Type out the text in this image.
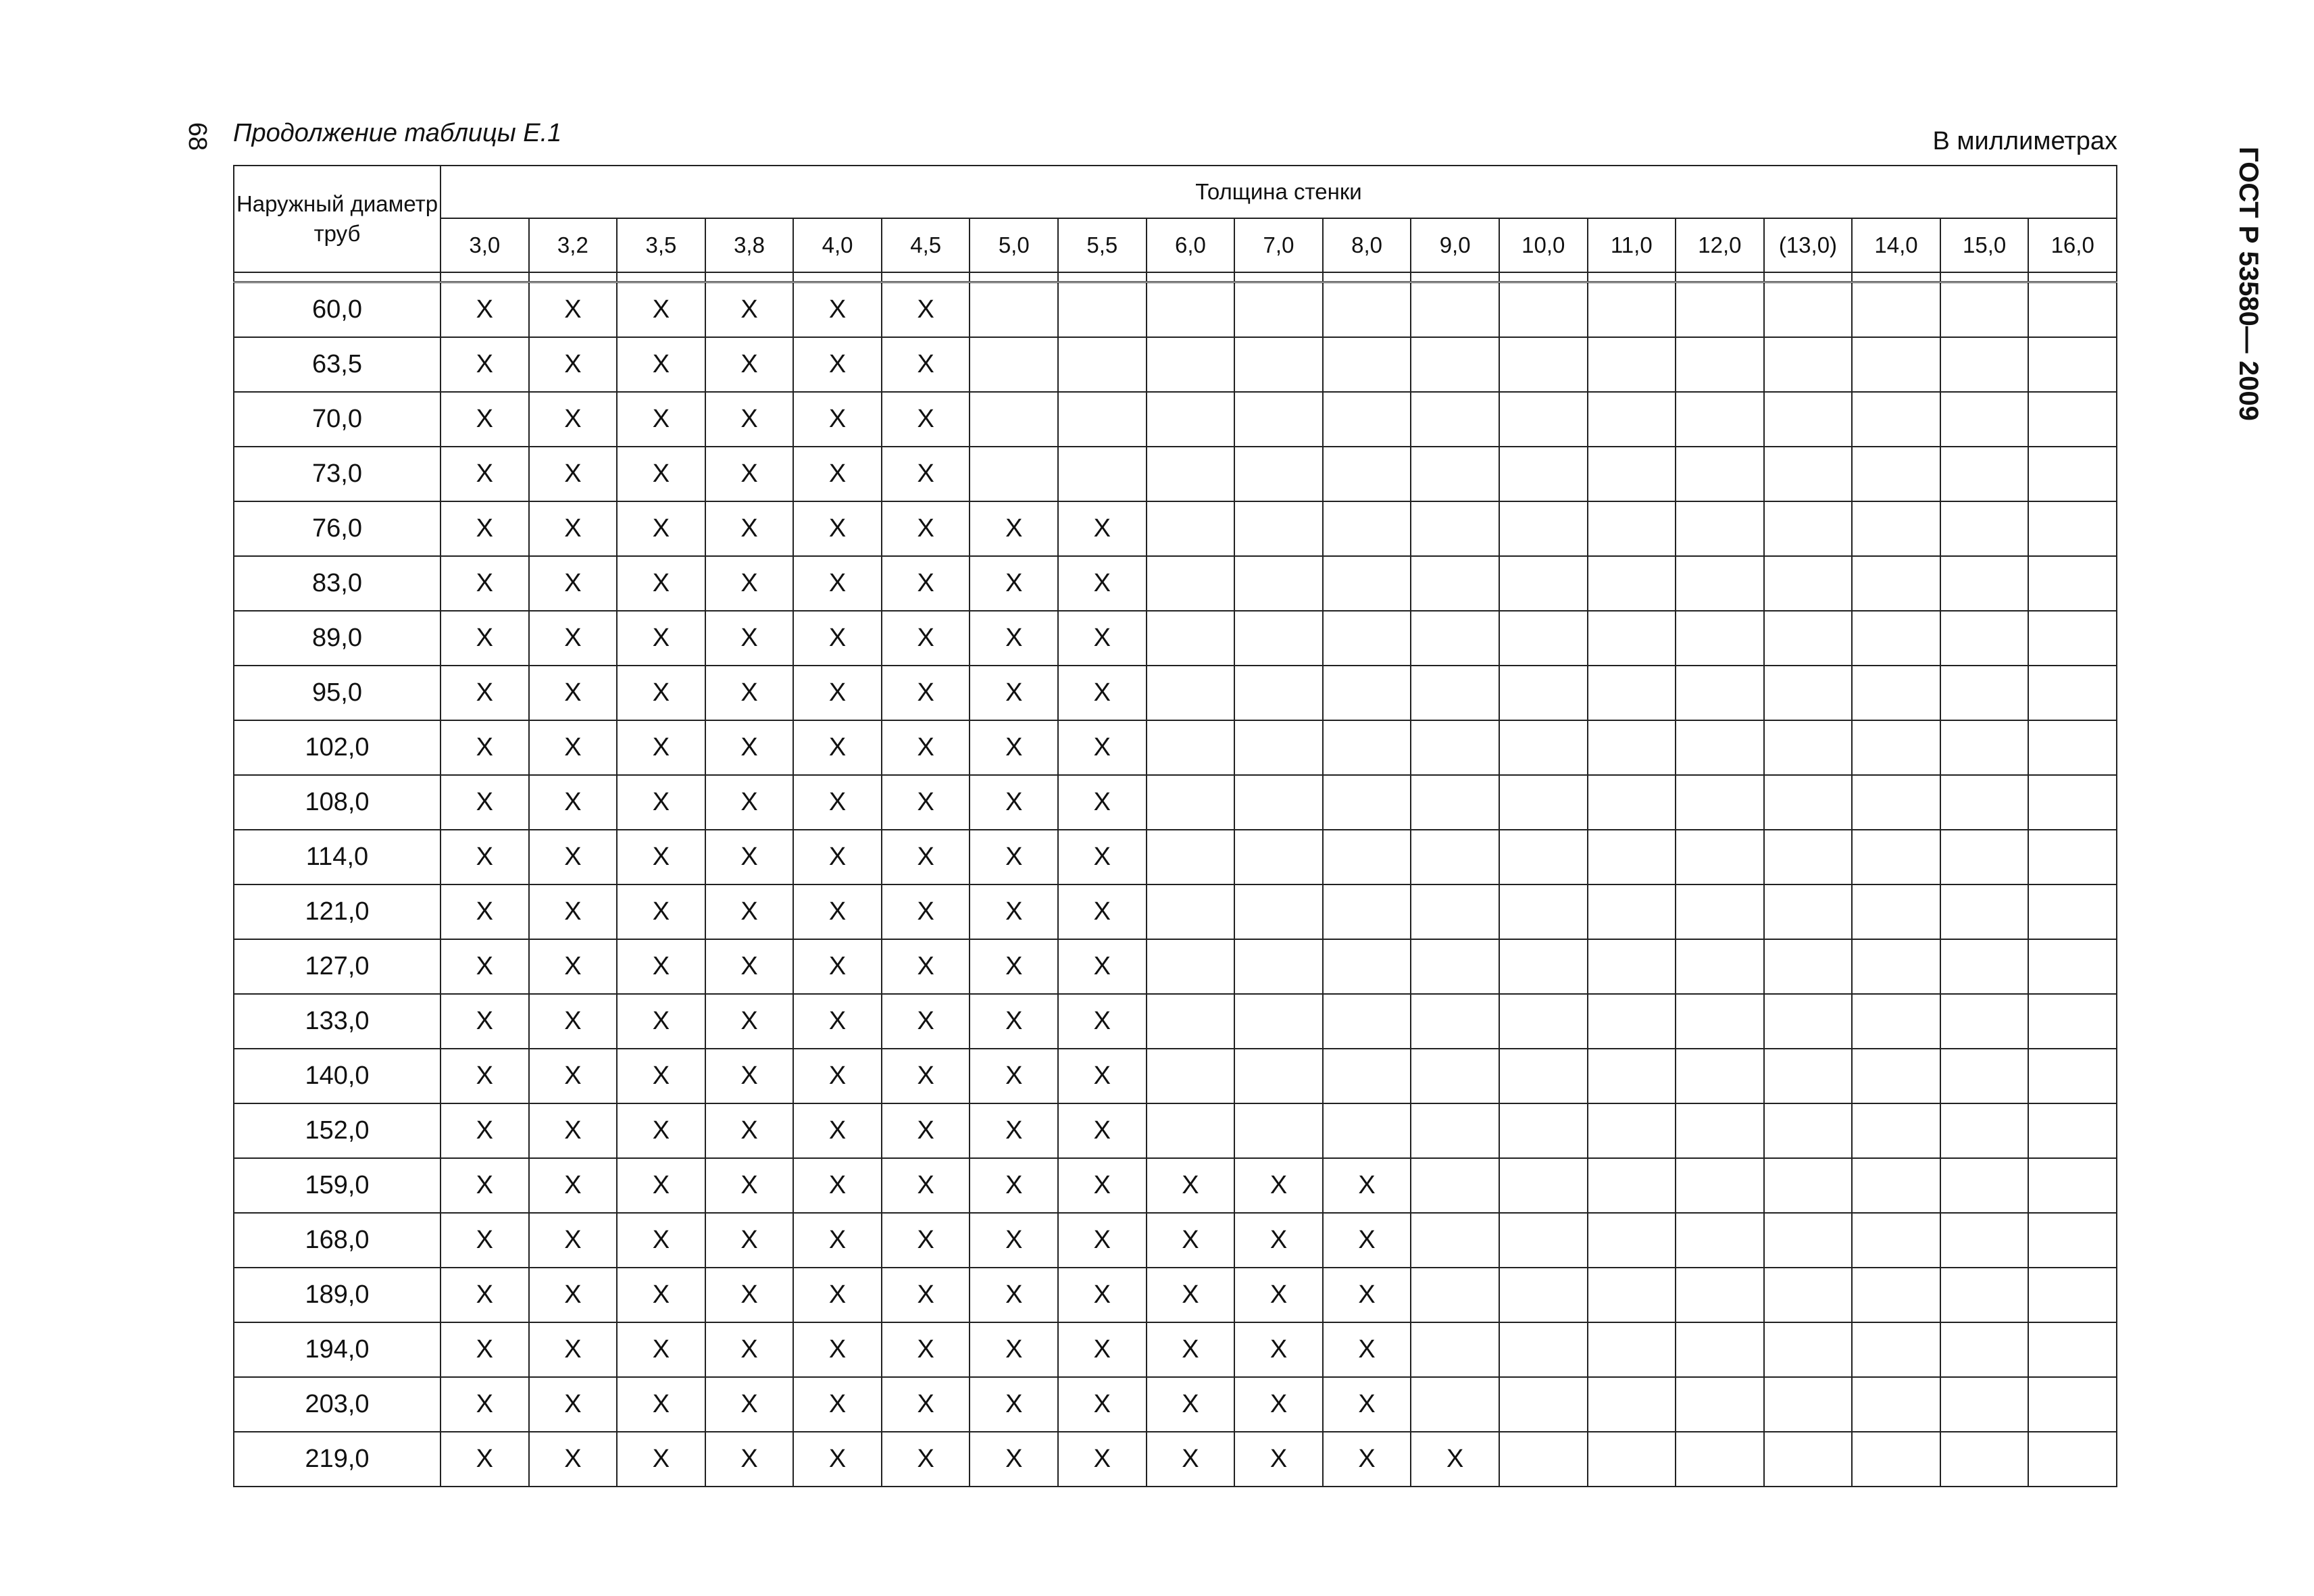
68 Продолжение таблицы Е.1	В миллиметрах
ГОСТ Р 53580— 2009
Наружный диаметр труб	Толщина стенки																		
	3,0	3,2	3,5	3,8	4,0	4,5	5,0	5,5	6,0	7,0	8,0	9,0	10,0	11,0	12,0	(13,0)	14,0	15,0	16,0

60,0	X	X	X	X	X	X													
63,5	X	X	X	X	X	X													
70,0	X	X	X	X	X	X													
73,0	X	X	X	X	X	X													
76,0	X	X	X	X	X	X	X	X											
83,0	X	X	X	X	X	X	X	X											
89,0	X	X	X	X	X	X	X	X											
95,0	X	X	X	X	X	X	X	X											
102,0	X	X	X	X	X	X	X	X											
108,0	X	X	X	X	X	X	X	X											
114,0	X	X	X	X	X	X	X	X											
121,0	X	X	X	X	X	X	X	X											
127,0	X	X	X	X	X	X	X	X											
133,0	X	X	X	X	X	X	X	X											
140,0	X	X	X	X	X	X	X	X											
152,0	X	X	X	X	X	X	X	X											
159,0	X	X	X	X	X	X	X	X	X	X	X								
168,0	X	X	X	X	X	X	X	X	X	X	X								
189,0	X	X	X	X	X	X	X	X	X	X	X								
194,0	X	X	X	X	X	X	X	X	X	X	X								
203,0	X	X	X	X	X	X	X	X	X	X	X								
219,0	X	X	X	X	X	X	X	X	X	X	X	X							
